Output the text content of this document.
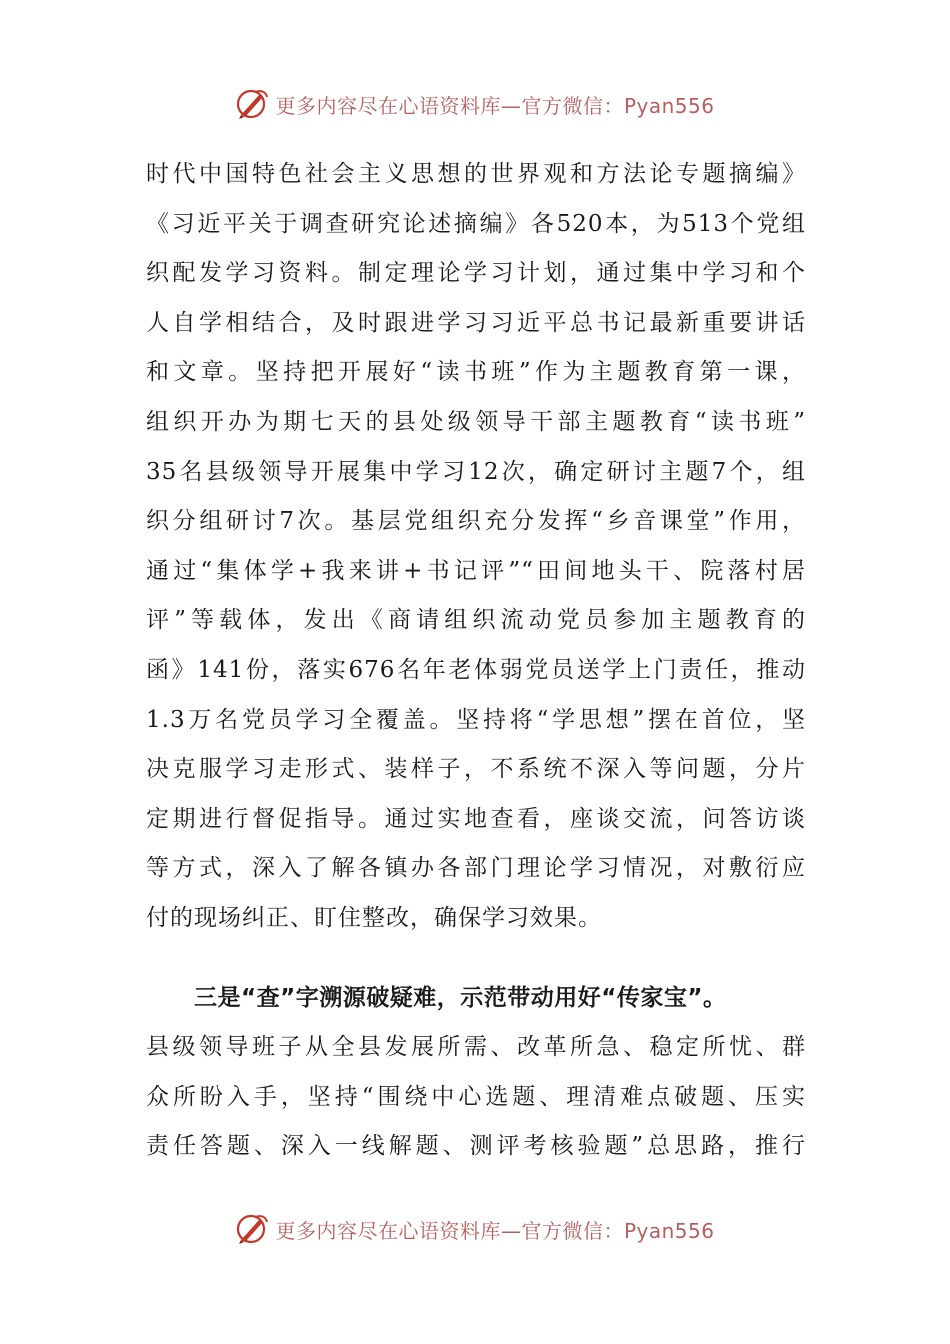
更多内容尽在心语资料库—官方微信：Pyan556
时代中国特色社会主义思想的世界观和方法论专题摘编》
《习近平关于调查研究论述摘编》各520本，为513个党组
织配发学习资料。制定理论学习计划，通过集中学习和个
人自学相结合，及时跟进学习习近平总书记最新重要讲话
和文章。坚持把开展好“读书班”作为主题教育第一课，
组织开办为期七天的县处级领导干部主题教育“读书班”
35名县级领导开展集中学习12次，确定研讨主题7个，组
织分组研讨7次。基层党组织充分发挥“乡音课堂”作用，
通过“集体学+我来讲+书记评”“田间地头干、院落村居
评”等载体，发出《商请组织流动党员参加主题教育的
函》141份，落实676名年老体弱党员送学上门责任，推动
1.3万名党员学习全覆盖。坚持将“学思想”摆在首位，坚
决克服学习走形式、装样子，不系统不深入等问题，分片
定期进行督促指导。通过实地查看，座谈交流，问答访谈
等方式，深入了解各镇办各部门理论学习情况，对敷衍应
付的现场纠正、盯住整改，确保学习效果。
三是“查”字溯源破疑难，示范带动用好“传家宝”。
县级领导班子从全县发展所需、改革所急、稳定所忧、群
众所盼入手，坚持“围绕中心选题、理清难点破题、压实
责任答题、深入一线解题、测评考核验题”总思路，推行
更多内容尽在心语资料库—官方微信：Pyan556
